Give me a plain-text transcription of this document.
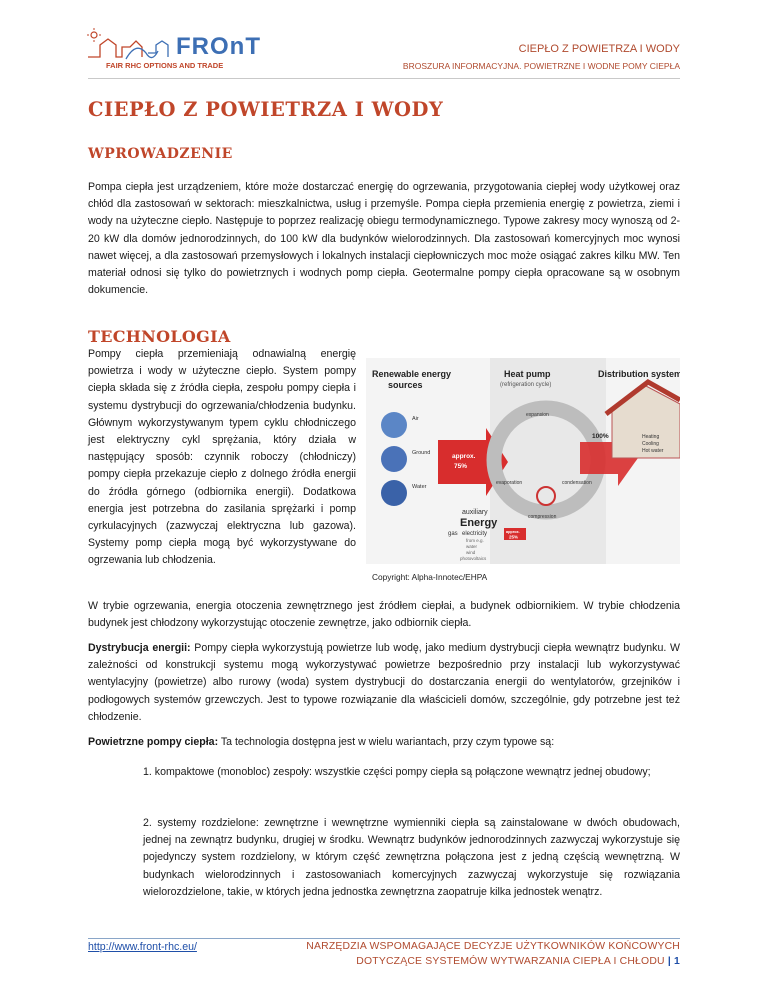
FROnT
FAIR RHC OPTIONS AND TRADE
CIEPŁO Z POWIETRZA I WODY
BROSZURA INFORMACYJNA. POWIETRZNE I WODNE POMY CIEPŁA
CIEPŁO Z POWIETRZA I WODY
WPROWADZENIE
Pompa ciepła jest urządzeniem, które może dostarczać energię do ogrzewania, przygotowania ciepłej wody użytkowej oraz chłód dla zastosowań w sektorach: mieszkalnictwa, usług i przemyśle. Pompa ciepła przemienia energię z powietrza, ziemi i wody na użyteczne ciepło. Następuje to poprzez realizację obiegu termodynamicznego. Typowe zakresy mocy wynoszą od 2-20 kW dla domów jednorodzinnych, do 100 kW dla budynków wielorodzinnych. Dla zastosowań komercyjnych moc wynosi nawet więcej, a dla zastosowań przemysłowych i lokalnych instalacji ciepłowniczych moc może osiągać zakres kilku MW. Ten materiał odnosi się tylko do powietrznych i wodnych pomp ciepła. Geotermalne pompy ciepła opracowane są w osobnym dokumencie.
TECHNOLOGIA
Pompy ciepła przemieniają odnawialną energię powietrza i wody w użyteczne ciepło. System pompy ciepła składa się z źródła ciepła, zespołu pompy ciepła i systemu dystrybucji do ogrzewania/chłodzenia budynku. Głównym wykorzystywanym typem cyklu chłodniczego jest elektryczny cykl sprężania, który działa w następujący sposób: czynnik roboczy (chłodniczy) pompy ciepła przekazuje ciepło z dolnego źródła energii do źródła górnego (odbiornika energii). Dodatkowa energia jest potrzebna do zasilania sprężarki i pomp cyrkulacyjnych (zazwyczaj elektryczna lub gazowa). Systemy pomp ciepła mogą być wykorzystywane do ogrzewania lub chłodzenia.
Renewable energy
sources
Heat pump
(refrigeration cycle)
Distribution system
Air
Ground
Water
approx.
75%
expansion
evaporation	condensation
compression
100%	Heating
Cooling
Hot water
auxiliary
Energy
gas electricity
from e.g.
water
wind
photovoltaics
approx.
25%
Copyright: Alpha-Innotec/EHPA
W trybie ogrzewania, energia otoczenia zewnętrznego jest źródłem ciepłai, a budynek odbiornikiem. W trybie chłodzenia budynek jest chłodzony wykorzystując otoczenie zewnętrze, jako odbiornik ciepła.
Dystrybucja energii: Pompy ciepła wykorzystują powietrze lub wodę, jako medium dystrybucji ciepła wewnątrz budynku. W zależności od konstrukcji systemu mogą wykorzystywać powietrze bezpośrednio przy instalacji lub wykorzystywać wentylacyjny (powietrze) albo rurowy (woda) system dystrybucji do dostarczania energii do wentylatorów, grzejników i podłogowych systemów grzewczych. Jest to typowe rozwiązanie dla właścicieli domów, szczególnie, gdy potrzebne jest też chłodzenie.
Powietrzne pompy ciepła: Ta technologia dostępna jest w wielu wariantach, przy czym typowe są:
1. kompaktowe (monobloc) zespoły: wszystkie części pompy ciepła są połączone wewnątrz jednej obudowy;
2. systemy rozdzielone: zewnętrzne i wewnętrzne wymienniki ciepła są zainstalowane w dwóch obudowach, jednej na zewnątrz budynku, drugiej w środku. Wewnątrz budynków jednorodzinnych zazwyczaj wykorzystuje się pojedynczy system rozdzielony, w którym część zewnętrzna połączona jest z jedną częścią wewnętrzną. W budynkach wielorodzinnych i zastosowaniach komercyjnych zazwyczaj wykorzystuje się rozwiązania wielorozdzielone, takie, w których jedna jednostka zewnętrzna zaopatruje kilka jednostek wenątrz.
http://www.front-rhc.eu/	NARZĘDZIA WSPOMAGAJĄCE DECYZJE UŻYTKOWNIKÓW KOŃCOWYCH
DOTYCZĄCE SYSTEMÓW WYTWARZANIA CIEPŁA I CHŁODU | 1
